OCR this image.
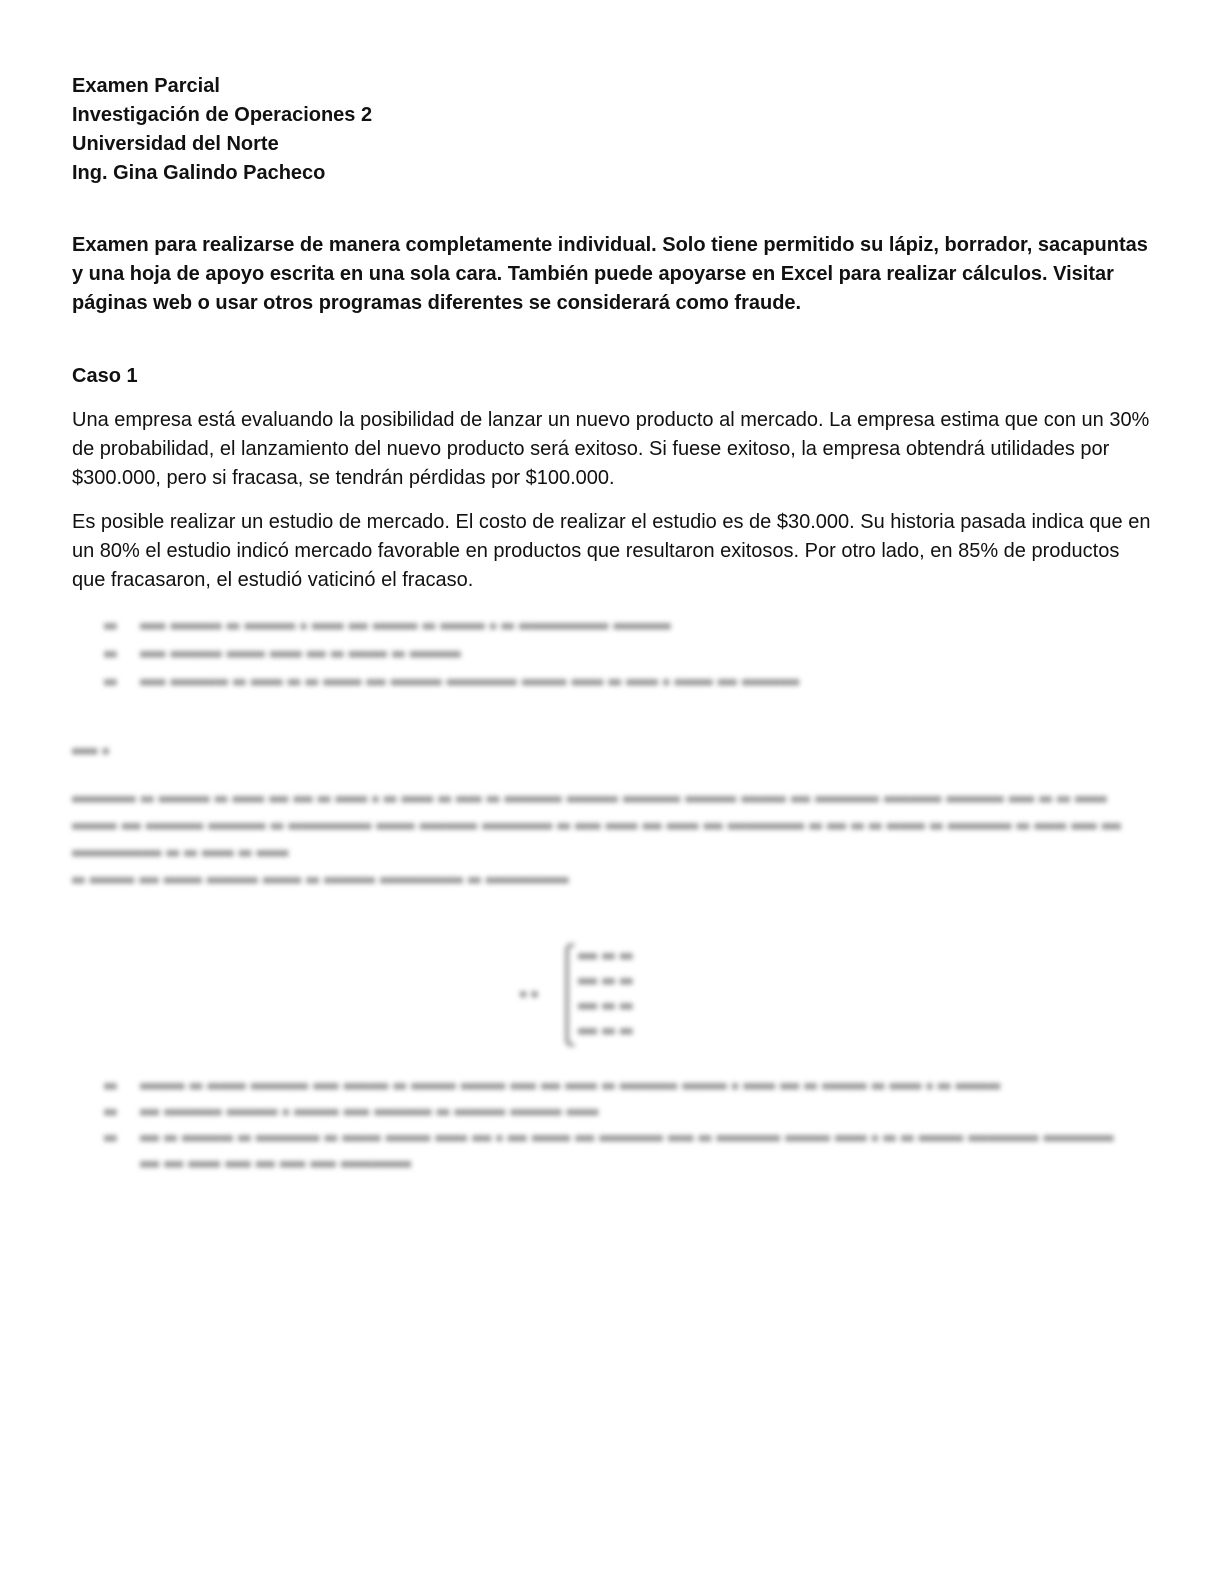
Examen Parcial
Investigación de Operaciones 2
Universidad del Norte
Ing. Gina Galindo Pacheco
Examen para realizarse de manera completamente individual. Solo tiene permitido su lápiz, borrador, sacapuntas y una hoja de apoyo escrita en una sola cara. También puede apoyarse en Excel para realizar cálculos. Visitar páginas web o usar otros programas diferentes se considerará como fraude.
Caso 1
Una empresa está evaluando la posibilidad de lanzar un nuevo producto al mercado. La empresa estima que con un 30% de probabilidad, el lanzamiento del nuevo producto será exitoso. Si fuese exitoso, la empresa obtendrá utilidades por $300.000, pero si fracasa, se tendrán pérdidas por $100.000.
Es posible realizar un estudio de mercado. El costo de realizar el estudio es de $30.000. Su historia pasada indica que en un 80% el estudio indicó mercado favorable en productos que resultaron exitosos. Por otro lado, en 85% de productos que fracasaron, el estudió vaticinó el fracaso.
▪▪	▪▪▪▪ ▪▪▪▪▪▪▪▪ ▪▪ ▪▪▪▪▪▪▪▪ ▪ ▪▪▪▪▪ ▪▪▪ ▪▪▪▪▪▪▪ ▪▪ ▪▪▪▪▪▪▪ ▪ ▪▪ ▪▪▪▪▪▪▪▪▪▪▪▪▪▪ ▪▪▪▪▪▪▪▪▪
▪▪	▪▪▪▪ ▪▪▪▪▪▪▪▪ ▪▪▪▪▪▪ ▪▪▪▪▪ ▪▪▪ ▪▪ ▪▪▪▪▪▪ ▪▪ ▪▪▪▪▪▪▪▪
▪▪	▪▪▪▪ ▪▪▪▪▪▪▪▪▪ ▪▪ ▪▪▪▪▪ ▪▪ ▪▪ ▪▪▪▪▪▪ ▪▪▪ ▪▪▪▪▪▪▪▪ ▪▪▪▪▪▪▪▪▪▪▪ ▪▪▪▪▪▪▪ ▪▪▪▪▪ ▪▪ ▪▪▪▪▪ ▪ ▪▪▪▪▪▪ ▪▪▪ ▪▪▪▪▪▪▪▪▪
▪▪▪▪ ▪
▪▪▪▪▪▪▪▪▪▪ ▪▪ ▪▪▪▪▪▪▪▪ ▪▪ ▪▪▪▪▪ ▪▪▪ ▪▪▪ ▪▪ ▪▪▪▪▪ ▪ ▪▪ ▪▪▪▪▪ ▪▪ ▪▪▪▪ ▪▪ ▪▪▪▪▪▪▪▪▪ ▪▪▪▪▪▪▪▪ ▪▪▪▪▪▪▪▪▪ ▪▪▪▪▪▪▪▪ ▪▪▪▪▪▪▪ ▪▪▪ ▪▪▪▪▪▪▪▪▪▪ ▪▪▪▪▪▪▪▪▪ ▪▪▪▪▪▪▪▪▪ ▪▪▪▪ ▪▪ ▪▪ ▪▪▪▪▪ ▪▪▪▪▪▪▪ ▪▪▪ ▪▪▪▪▪▪▪▪▪ ▪▪▪▪▪▪▪▪▪ ▪▪ ▪▪▪▪▪▪▪▪▪▪▪▪▪ ▪▪▪▪▪▪ ▪▪▪▪▪▪▪▪▪ ▪▪▪▪▪▪▪▪▪▪▪ ▪▪ ▪▪▪▪ ▪▪▪▪▪ ▪▪▪ ▪▪▪▪▪ ▪▪▪ ▪▪▪▪▪▪▪▪▪▪▪▪ ▪▪ ▪▪▪ ▪▪ ▪▪ ▪▪▪▪▪▪ ▪▪ ▪▪▪▪▪▪▪▪▪▪ ▪▪ ▪▪▪▪▪ ▪▪▪▪ ▪▪▪ ▪▪▪▪▪▪▪▪▪▪▪▪▪▪ ▪▪ ▪▪ ▪▪▪▪▪ ▪▪ ▪▪▪▪▪
▪▪ ▪▪▪▪▪▪▪ ▪▪▪ ▪▪▪▪▪▪ ▪▪▪▪▪▪▪▪ ▪▪▪▪▪▪ ▪▪ ▪▪▪▪▪▪▪▪ ▪▪▪▪▪▪▪▪▪▪▪▪▪ ▪▪ ▪▪▪▪▪▪▪▪▪▪▪▪▪
▪ ▪
▪▪▪ ▪▪ ▪▪
▪▪▪ ▪▪ ▪▪
▪▪▪ ▪▪ ▪▪
▪▪▪ ▪▪ ▪▪
▪▪	▪▪▪▪▪▪▪ ▪▪ ▪▪▪▪▪▪ ▪▪▪▪▪▪▪▪▪ ▪▪▪▪ ▪▪▪▪▪▪▪ ▪▪ ▪▪▪▪▪▪▪ ▪▪▪▪▪▪▪ ▪▪▪▪ ▪▪▪ ▪▪▪▪▪ ▪▪ ▪▪▪▪▪▪▪▪▪ ▪▪▪▪▪▪▪ ▪ ▪▪▪▪▪ ▪▪▪ ▪▪ ▪▪▪▪▪▪▪ ▪▪ ▪▪▪▪▪ ▪ ▪▪ ▪▪▪▪▪▪▪
▪▪	▪▪▪ ▪▪▪▪▪▪▪▪▪ ▪▪▪▪▪▪▪▪ ▪ ▪▪▪▪▪▪▪ ▪▪▪▪ ▪▪▪▪▪▪▪▪▪ ▪▪ ▪▪▪▪▪▪▪▪ ▪▪▪▪▪▪▪▪ ▪▪▪▪▪
▪▪	▪▪▪ ▪▪ ▪▪▪▪▪▪▪▪ ▪▪ ▪▪▪▪▪▪▪▪▪▪ ▪▪ ▪▪▪▪▪▪ ▪▪▪▪▪▪▪ ▪▪▪▪▪ ▪▪▪ ▪ ▪▪▪ ▪▪▪▪▪▪ ▪▪▪ ▪▪▪▪▪▪▪▪▪▪ ▪▪▪▪ ▪▪ ▪▪▪▪▪▪▪▪▪▪ ▪▪▪▪▪▪▪ ▪▪▪▪▪ ▪ ▪▪ ▪▪ ▪▪▪▪▪▪▪ ▪▪▪▪▪▪▪▪▪▪▪ ▪▪▪▪▪▪▪▪▪▪▪ ▪▪▪ ▪▪▪ ▪▪▪▪▪ ▪▪▪▪ ▪▪▪ ▪▪▪▪ ▪▪▪▪ ▪▪▪▪▪▪▪▪▪▪▪
